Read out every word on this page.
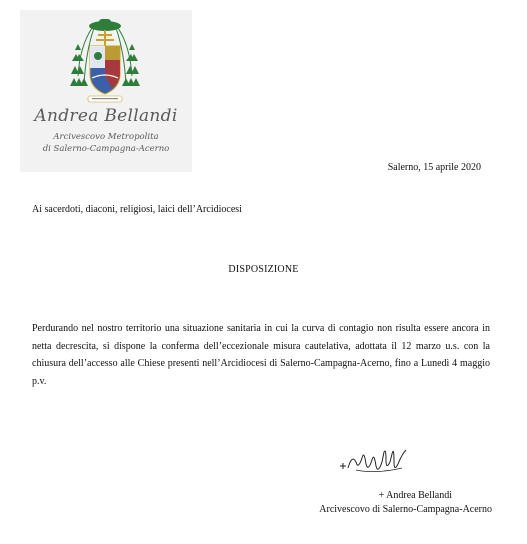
Andrea Bellandi
Arcivescovo Metropolita
di Salerno-Campagna-Acerno
Salerno, 15 aprile 2020
Ai sacerdoti, diaconi, religiosi, laici dell’Arcidiocesi
DISPOSIZIONE
Perdurando nel nostro territorio una situazione sanitaria in cui la curva di contagio non risulta essere ancora in netta decrescita, si dispone la conferma dell’eccezionale misura cautelativa, adottata il 12 marzo u.s. con la chiusura dell’accesso alle Chiese presenti nell’Arcidiocesi di Salerno-Campagna-Acerno, fino a Lunedì 4 maggio p.v.
+ Andrea Bellandi
Arcivescovo di Salerno-Campagna-Acerno
